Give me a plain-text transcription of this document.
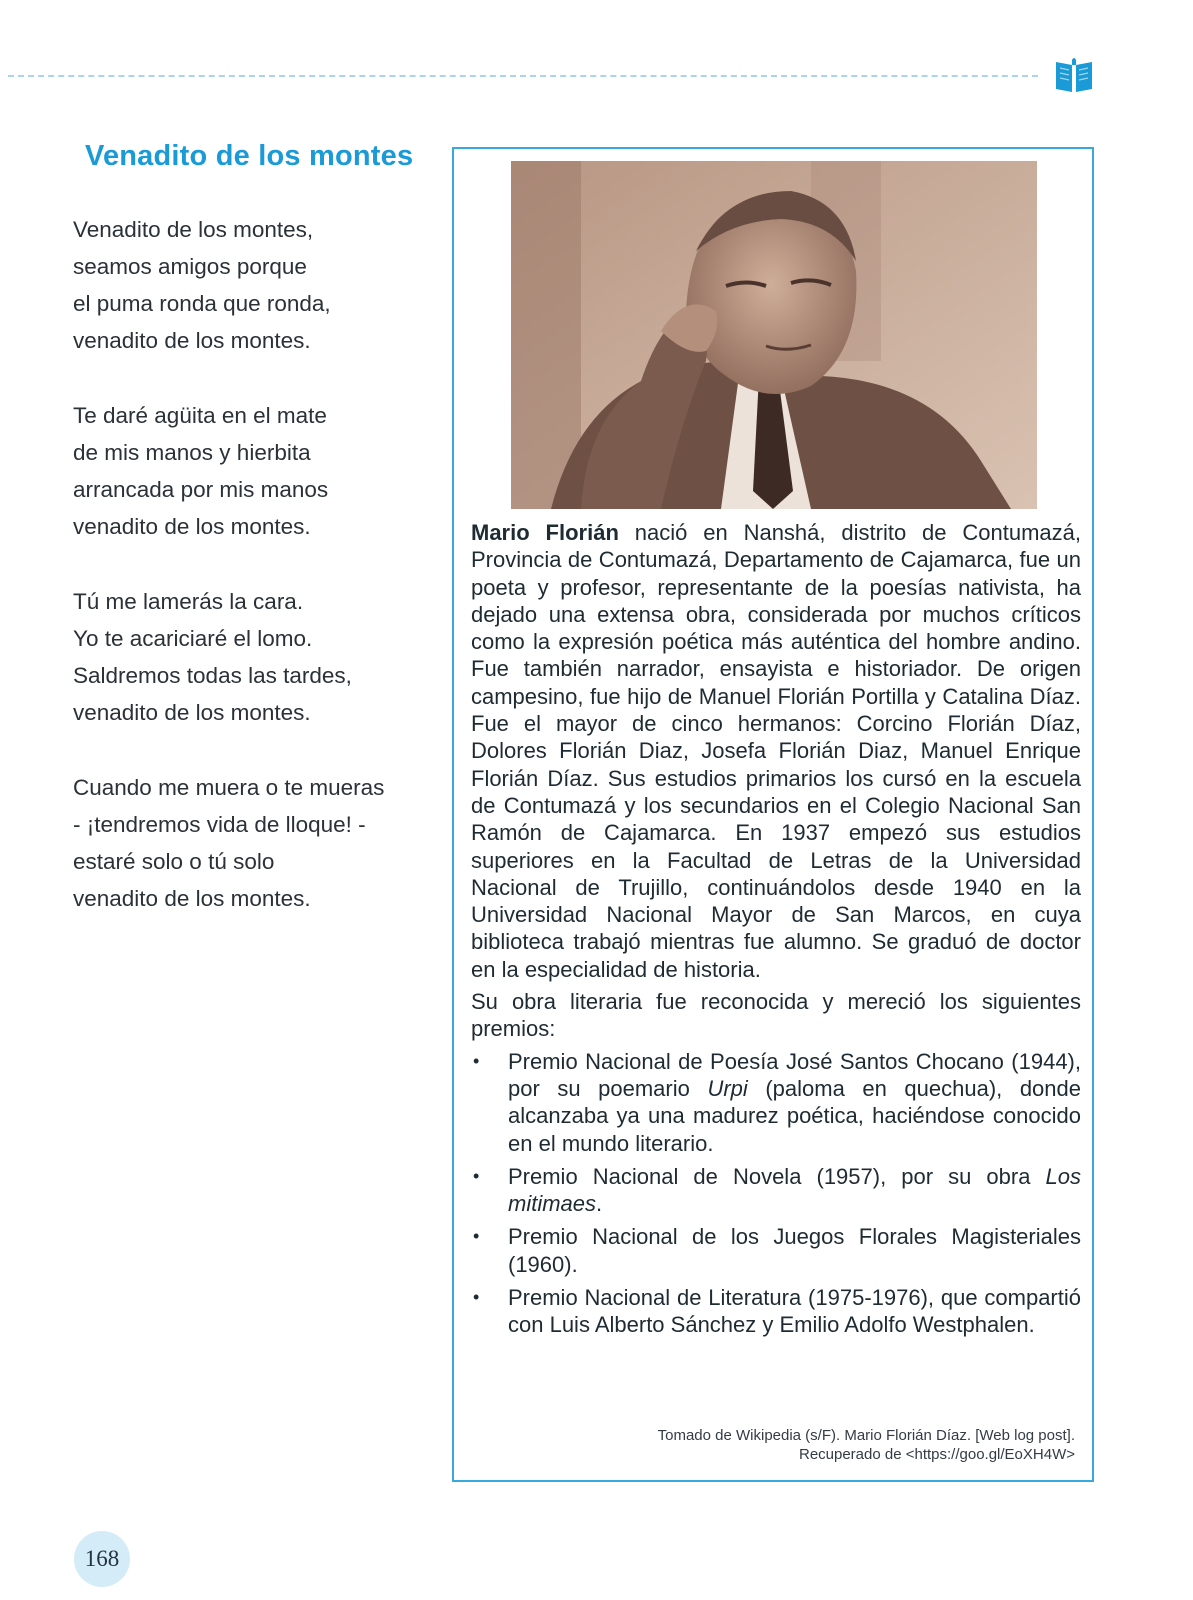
Venadito de los montes
Venadito de los montes,
seamos amigos porque
el puma ronda que ronda,
venadito de los montes.
Te daré agüita en el mate
de mis manos y hierbita
arrancada por mis manos
venadito de los montes.
Tú me lamerás la cara.
Yo te acariciaré el lomo.
Saldremos todas las tardes,
venadito de los montes.
Cuando me muera o te mueras
- ¡tendremos vida de lloque! -
estaré solo o tú solo
venadito de los montes.

Mario Florián nació en Nanshá, distrito de Contumazá, Provincia de Contumazá, Departamento de Cajamarca, fue un poeta y profesor, representante de la poesías nativista, ha dejado una extensa obra, considerada por muchos críticos como la expresión poética más auténtica del hombre andino. Fue también narrador, ensayista e historiador. De origen campesino, fue hijo de Manuel Florián Portilla y Catalina Díaz. Fue el mayor de cinco hermanos: Corcino Florián Díaz, Dolores Florián Diaz, Josefa Florián Diaz, Manuel Enrique Florián Díaz. Sus estudios primarios los cursó en la escuela de Contumazá y los secundarios en el Colegio Nacional San Ramón de Cajamarca. En 1937 empezó sus estudios superiores en la Facultad de Letras de la Universidad Nacional de Trujillo, continuándolos desde 1940 en la Universidad Nacional Mayor de San Marcos, en cuya biblioteca trabajó mientras fue alumno. Se graduó de doctor en la especialidad de historia.

Su obra literaria fue reconocida y mereció los siguientes premios:

• Premio Nacional de Poesía José Santos Chocano (1944), por su poemario Urpi (paloma en quechua), donde alcanzaba ya una madurez poética, haciéndose conocido en el mundo literario.
• Premio Nacional de Novela (1957), por su obra Los mitimaes.
• Premio Nacional de los Juegos Florales Magisteriales (1960).
• Premio Nacional de Literatura (1975-1976), que compartió con Luis Alberto Sánchez y Emilio Adolfo Westphalen.
Tomado de Wikipedia (s/F). Mario Florián Díaz. [Web log post].
Recuperado de <https://goo.gl/EoXH4W>
168
